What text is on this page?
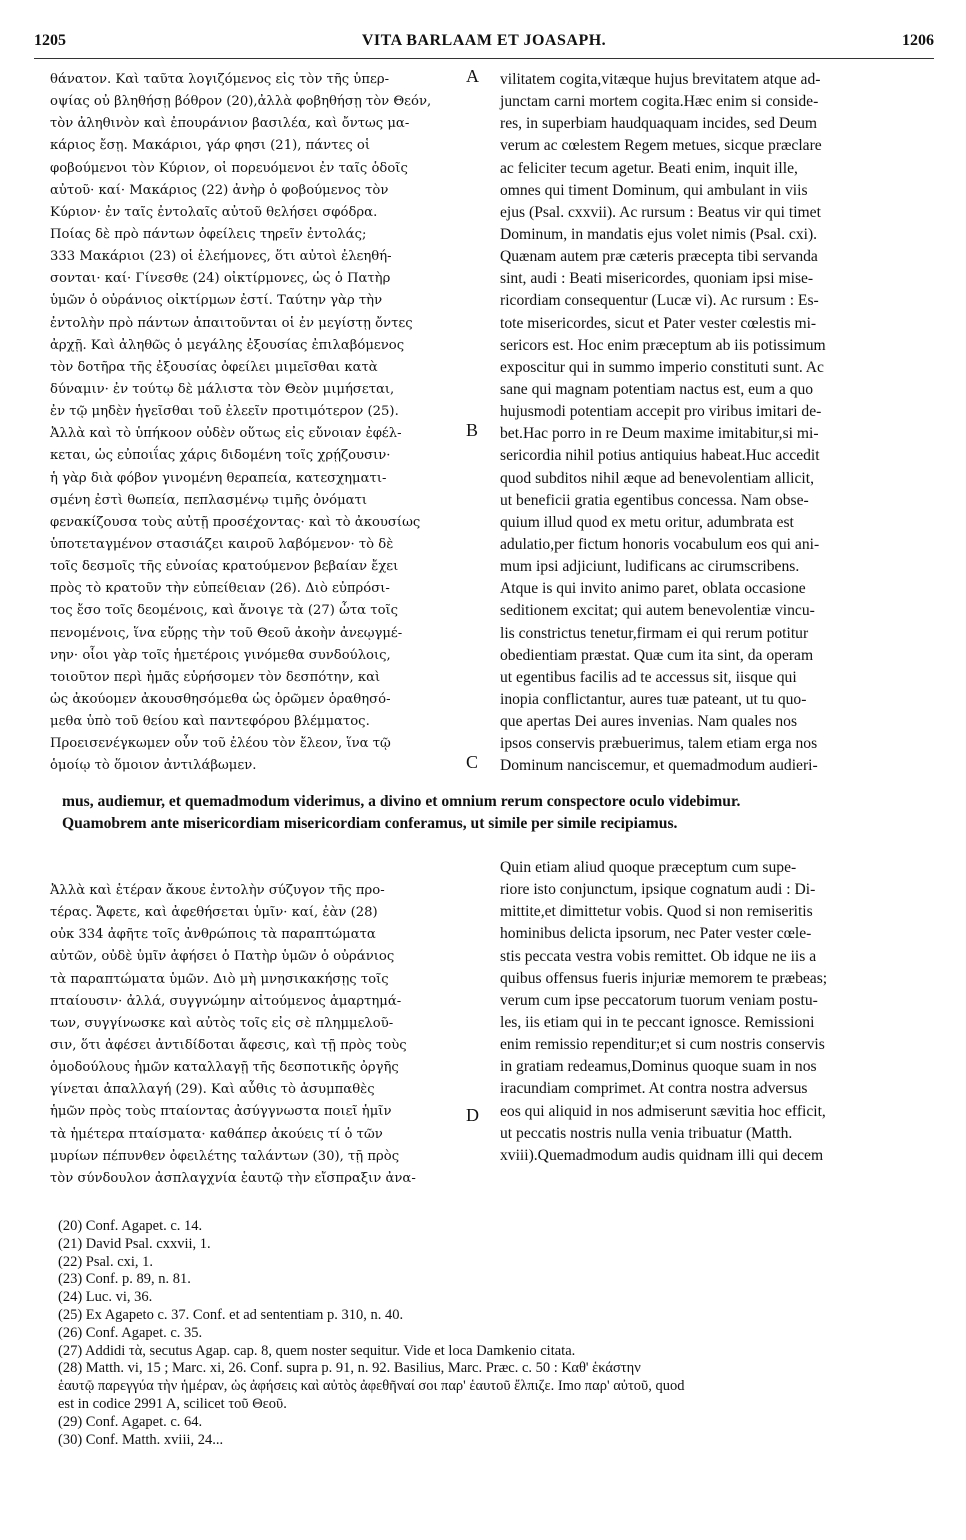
1205	VITA BARLAAM ET JOASAPH.	1206
θάνατον. Καὶ ταῦτα λογιζόμενος εἰς τὸν τῆς ὑπερ-
οψίας οὐ βληθήσῃ βόθρον (20),ἀλλὰ φοβηθήσῃ τὸν Θεόν,
τὸν ἀληθινὸν καὶ ἐπουράνιον βασιλέα, καὶ ὄντως μα-
κάριος ἔσῃ. Μακάριοι, γάρ φησι (21), πάντες οἱ
φοβούμενοι τὸν Κύριον, οἱ πορευόμενοι ἐν ταῖς ὁδοῖς
αὐτοῦ· καί· Μακάριος (22) ἀνὴρ ὁ φοβούμενος τὸν
Κύριον· ἐν ταῖς ἐντολαῖς αὐτοῦ θελήσει σφόδρα.
Ποίας δὲ πρὸ πάντων ὀφείλεις τηρεῖν ἐντολάς;
333 Μακάριοι (23) οἱ ἐλεήμονες, ὅτι αὐτοὶ ἐλεηθή-
σονται· καί· Γίνεσθε (24) οἰκτίρμονες, ὡς ὁ Πατὴρ
ὑμῶν ὁ οὐράνιος οἰκτίρμων ἐστί. Ταύτην γὰρ τὴν
ἐντολὴν πρὸ πάντων ἀπαιτοῦνται οἱ ἐν μεγίστῃ ὄντες
ἀρχῇ. Καὶ ἀληθῶς ὁ μεγάλης ἐξουσίας ἐπιλαβόμενος
τὸν δοτῆρα τῆς ἐξουσίας ὀφείλει μιμεῖσθαι κατὰ
δύναμιν· ἐν τούτῳ δὲ μάλιστα τὸν Θεὸν μιμήσεται,
ἐν τῷ μηδὲν ἡγεῖσθαι τοῦ ἐλεεῖν προτιμότερον (25).
Ἀλλὰ καὶ τὸ ὑπήκοον οὐδὲν οὕτως εἰς εὔνοιαν ἐφέλ-
κεται, ὡς εὐποιΐας χάρις διδομένη τοῖς χρῄζουσιν·
ἡ γὰρ διὰ φόβον γινομένη θεραπεία, κατεσχηματι-
σμένη ἐστὶ θωπεία, πεπλασμένῳ τιμῆς ὀνόματι
φενακίζουσα τοὺς αὐτῇ προσέχοντας· καὶ τὸ ἀκουσίως
ὑποτεταγμένον στασιάζει καιροῦ λαβόμενον· τὸ δὲ
τοῖς δεσμοῖς τῆς εὐνοίας κρατούμενον βεβαίαν ἔχει
πρὸς τὸ κρατοῦν τὴν εὐπείθειαν (26). Διὸ εὐπρόσι-
τος ἔσο τοῖς δεομένοις, καὶ ἄνοιγε τὰ (27) ὦτα τοῖς
πενομένοις, ἵνα εὕρῃς τὴν τοῦ Θεοῦ ἀκοὴν ἀνεῳγμέ-
νην· οἷοι γὰρ τοῖς ἡμετέροις γινόμεθα συνδούλοις,
τοιοῦτον περὶ ἡμᾶς εὑρήσομεν τὸν δεσπότην, καὶ
ὡς ἀκούομεν ἀκουσθησόμεθα ὡς ὁρῶμεν ὁραθησό-
μεθα ὑπὸ τοῦ θείου καὶ παντεφόρου βλέμματος.
Προεισενέγκωμεν οὖν τοῦ ἐλέου τὸν ἔλεον, ἵνα τῷ
ὁμοίῳ τὸ ὅμοιον ἀντιλάβωμεν.
vilitatem cogita,vitæque hujus brevitatem atque ad-
junctam carni mortem cogita.Hæc enim si conside-
res, in superbiam haudquaquam incides, sed Deum
verum ac cœlestem Regem metues, sicque præclare
ac feliciter tecum agetur. Beati enim, inquit ille,
omnes qui timent Dominum, qui ambulant in viis
ejus (Psal. cxxvii). Ac rursum : Beatus vir qui timet
Dominum, in mandatis ejus volet nimis (Psal. cxi).
Quænam autem præ cæteris præcepta tibi servanda
sint, audi : Beati misericordes, quoniam ipsi mise-
ricordiam consequentur (Lucæ vi). Ac rursum : Es-
tote misericordes, sicut et Pater vester cœlestis mi-
sericors est. Hoc enim præceptum ab iis potissimum
exposcitur qui in summo imperio constituti sunt. Ac
sane qui magnam potentiam nactus est, eum a quo
hujusmodi potentiam accepit pro viribus imitari de-
bet.Hac porro in re Deum maxime imitabitur,si mi-
sericordia nihil potius antiquius habeat.Huc accedit
quod subditos nihil æque ad benevolentiam allicit,
ut beneficii gratia egentibus concessa. Nam obse-
quium illud quod ex metu oritur, adumbrata est
adulatio,per fictum honoris vocabulum eos qui ani-
mum ipsi adjiciunt, ludificans ac cirumscribens.
Atque is qui invito animo paret, oblata occasione
seditionem excitat; qui autem benevolentiæ vincu-
lis constrictus tenetur,firmam ei qui rerum potitur
obedientiam præstat. Quæ cum ita sint, da operam
ut egentibus facilis ad te accessus sit, iisque qui
inopia conflictantur, aures tuæ pateant, ut tu quo-
que apertas Dei aures invenias. Nam quales nos
ipsos conservis præbuerimus, talem etiam erga nos
Dominum nanciscemur, et quemadmodum audieri-
A
B
C
D
mus, audiemur, et quemadmodum viderimus, a divino et omnium rerum conspectore oculo videbimur.
Quamobrem ante misericordiam misericordiam conferamus, ut simile per simile recipiamus.
Ἀλλὰ καὶ ἑτέραν ἄκουε ἐντολὴν σύζυγον τῆς προ-
τέρας. Ἄφετε, καὶ ἀφεθήσεται ὑμῖν· καί, ἐὰν (28)
οὐκ 334 ἀφῆτε τοῖς ἀνθρώποις τὰ παραπτώματα
αὐτῶν, οὐδὲ ὑμῖν ἀφήσει ὁ Πατὴρ ὑμῶν ὁ οὐράνιος
τὰ παραπτώματα ὑμῶν. Διὸ μὴ μνησικακήσῃς τοῖς
πταίουσιν· ἀλλά, συγγνώμην αἰτούμενος ἁμαρτημά-
των, συγγίνωσκε καὶ αὐτὸς τοῖς εἰς σὲ πλημμελοῦ-
σιν, ὅτι ἀφέσει ἀντιδίδοται ἄφεσις, καὶ τῇ πρὸς τοὺς
ὁμοδούλους ἡμῶν καταλλαγῇ τῆς δεσποτικῆς ὀργῆς
γίνεται ἀπαλλαγή (29). Καὶ αὖθις τὸ ἀσυμπαθὲς
ἡμῶν πρὸς τοὺς πταίοντας ἀσύγγνωστα ποιεῖ ἡμῖν
τὰ ἡμέτερα πταίσματα· καθάπερ ἀκούεις τί ὁ τῶν
μυρίων πέπυνθεν ὀφειλέτης ταλάντων (30), τῇ πρὸς
τὸν σύνδουλον ἀσπλαγχνία ἑαυτῷ τὴν εἴσπραξιν ἀνα-
Quin etiam aliud quoque præceptum cum supe-
riore isto conjunctum, ipsique cognatum audi : Di-
mittite,et dimittetur vobis. Quod si non remiseritis
hominibus delicta ipsorum, nec Pater vester cœle-
stis peccata vestra vobis remittet. Ob idque ne iis a
quibus offensus fueris injuriæ memorem te præbeas;
verum cum ipse peccatorum tuorum veniam postu-
les, iis etiam qui in te peccant ignosce. Remissioni
enim remissio rependitur;et si cum nostris conservis
in gratiam redeamus,Dominus quoque suam in nos
iracundiam comprimet. At contra nostra adversus
eos qui aliquid in nos admiserunt sævitia hoc efficit,
ut peccatis nostris nulla venia tribuatur (Matth.
xviii).Quemadmodum audis quidnam illi qui decem
(20) Conf. Agapet. c. 14.
(21) David Psal. cxxvii, 1.
(22) Psal. cxi, 1.
(23) Conf. p. 89, n. 81.
(24) Luc. vi, 36.
(25) Ex Agapeto c. 37. Conf. et ad sententiam p. 310, n. 40.
(26) Conf. Agapet. c. 35.
(27) Addidi τὰ, secutus Agap. cap. 8, quem noster sequitur. Vide et loca Damkenio citata.
(28) Matth. vi, 15 ; Marc. xi, 26. Conf. supra p. 91, n. 92. Basilius, Marc. Præc. c. 50 : Καθ' ἑκάστην
ἑαυτῷ παρεγγύα τὴν ἡμέραν, ὡς ἀφήσεις καὶ αὐτὸς ἀφεθῆναί σοι παρ' ἑαυτοῦ ἔλπιζε. Imo παρ' αὐτοῦ, quod
est in codice 2991 A, scilicet τοῦ Θεοῦ.
(29) Conf. Agapet. c. 64.
(30) Conf. Matth. xviii, 24...
